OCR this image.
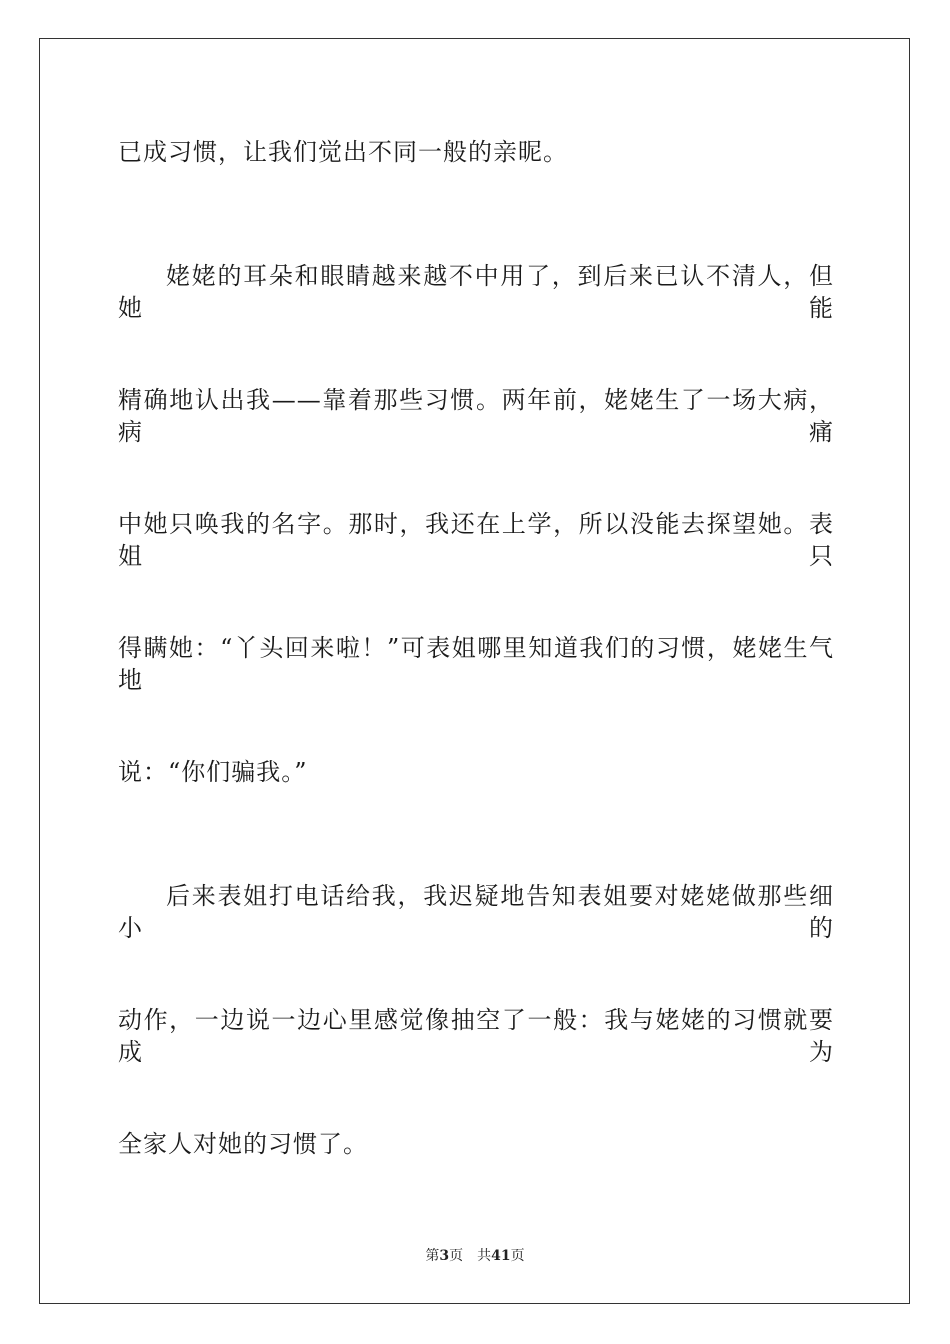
已成习惯，让我们觉出不同一般的亲昵。
姥姥的耳朵和眼睛越来越不中用了，到后来已认不清人，但她能
精确地认出我——靠着那些习惯。两年前，姥姥生了一场大病，病痛
中她只唤我的名字。那时，我还在上学，所以没能去探望她。表姐只
得瞒她：“丫头回来啦！”可表姐哪里知道我们的习惯，姥姥生气地
说：“你们骗我。”
后来表姐打电话给我，我迟疑地告知表姐要对姥姥做那些细小的
动作，一边说一边心里感觉像抽空了一般：我与姥姥的习惯就要成为
全家人对她的习惯了。
第3页 共41页
